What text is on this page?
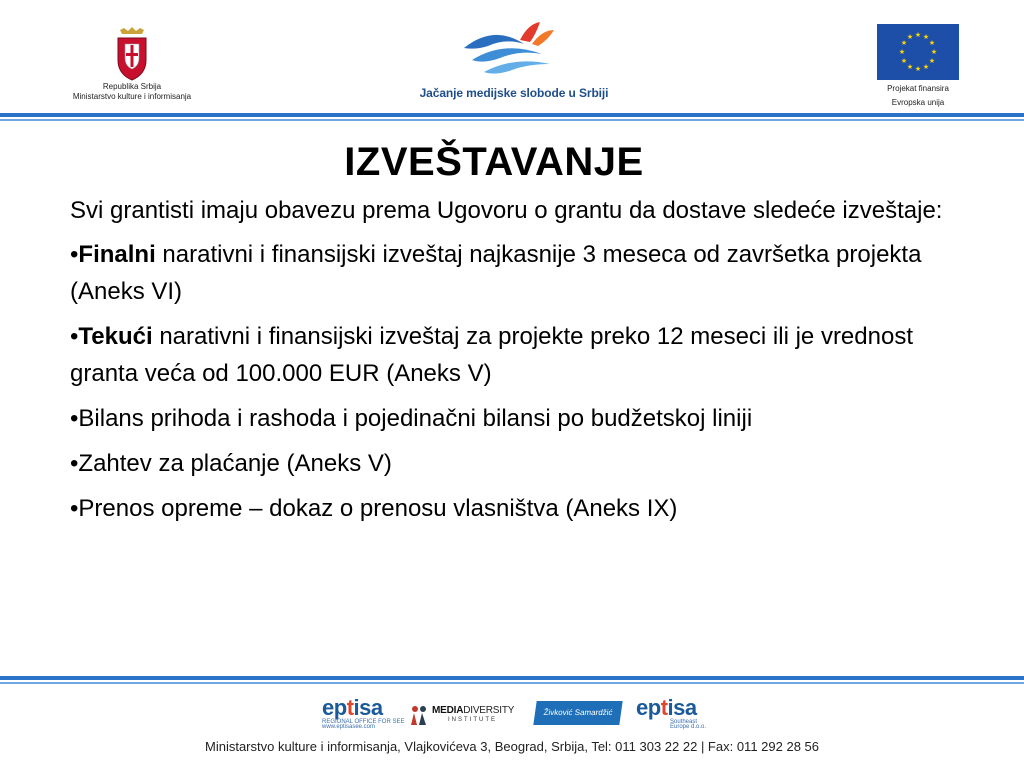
Republika Srbija
Ministarstvo kulture i informisanja	Jačanje medijske slobode u Srbiji
★ ★
★
★
★
★
★
★
★
★
★
★
Projekat finansira
Evropska unija
IZVEŠTAVANJE

Svi grantisti imaju obavezu prema Ugovoru o grantu da dostave sledeće izveštaje:

• Finalni narativni i finansijski izveštaj najkasnije 3 meseca od završetka projekta (Aneks VI)

• Tekući narativni i finansijski izveštaj za projekte preko 12 meseci ili je vrednost granta veća od 100.000 EUR (Aneks V)

• Bilans prihoda i rashoda i pojedinačni bilansi po budžetskoj liniji

• Zahtev za plaćanje (Aneks V)

• Prenos opreme – dokaz o prenosu vlasništva (Aneks IX)

eptisa
REGIONAL OFFICE FOR SEE
www.eptisasee.com
MEDIADIVERSITY
INSTITUTE
Živković Samardžić	eptisa
Southeast
Europe d.o.o.
Ministarstvo kulture i informisanja, Vlajkovićeva 3, Beograd, Srbija, Tel: 011 303 22 22 | Fax: 011 292 28 56
